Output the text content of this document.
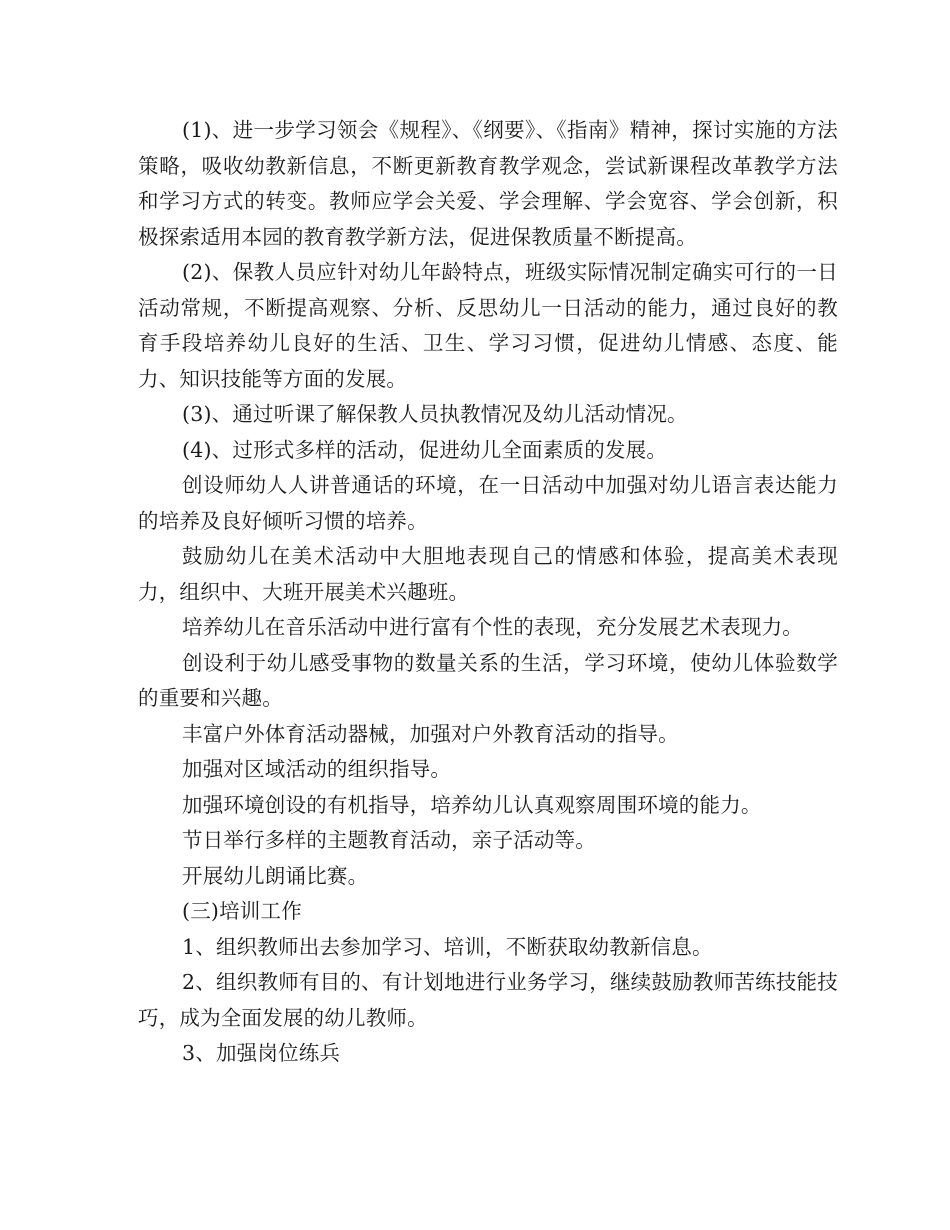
(1)、进一步学习领会《规程》、《纲要》、《指南》精神，探讨实施的方法策略，吸收幼教新信息，不断更新教育教学观念，尝试新课程改革教学方法和学习方式的转变。教师应学会关爱、学会理解、学会宽容、学会创新，积极探索适用本园的教育教学新方法，促进保教质量不断提高。

(2)、保教人员应针对幼儿年龄特点，班级实际情况制定确实可行的一日活动常规，不断提高观察、分析、反思幼儿一日活动的能力，通过良好的教育手段培养幼儿良好的生活、卫生、学习习惯，促进幼儿情感、态度、能力、知识技能等方面的发展。

(3)、通过听课了解保教人员执教情况及幼儿活动情况。

(4)、过形式多样的活动，促进幼儿全面素质的发展。

创设师幼人人讲普通话的环境，在一日活动中加强对幼儿语言表达能力的培养及良好倾听习惯的培养。

鼓励幼儿在美术活动中大胆地表现自己的情感和体验，提高美术表现力，组织中、大班开展美术兴趣班。

培养幼儿在音乐活动中进行富有个性的表现，充分发展艺术表现力。

创设利于幼儿感受事物的数量关系的生活，学习环境，使幼儿体验数学的重要和兴趣。

丰富户外体育活动器械，加强对户外教育活动的指导。

加强对区域活动的组织指导。

加强环境创设的有机指导，培养幼儿认真观察周围环境的能力。

节日举行多样的主题教育活动，亲子活动等。

开展幼儿朗诵比赛。

(三)培训工作

1、组织教师出去参加学习、培训，不断获取幼教新信息。

2、组织教师有目的、有计划地进行业务学习，继续鼓励教师苦练技能技巧，成为全面发展的幼儿教师。

3、加强岗位练兵
